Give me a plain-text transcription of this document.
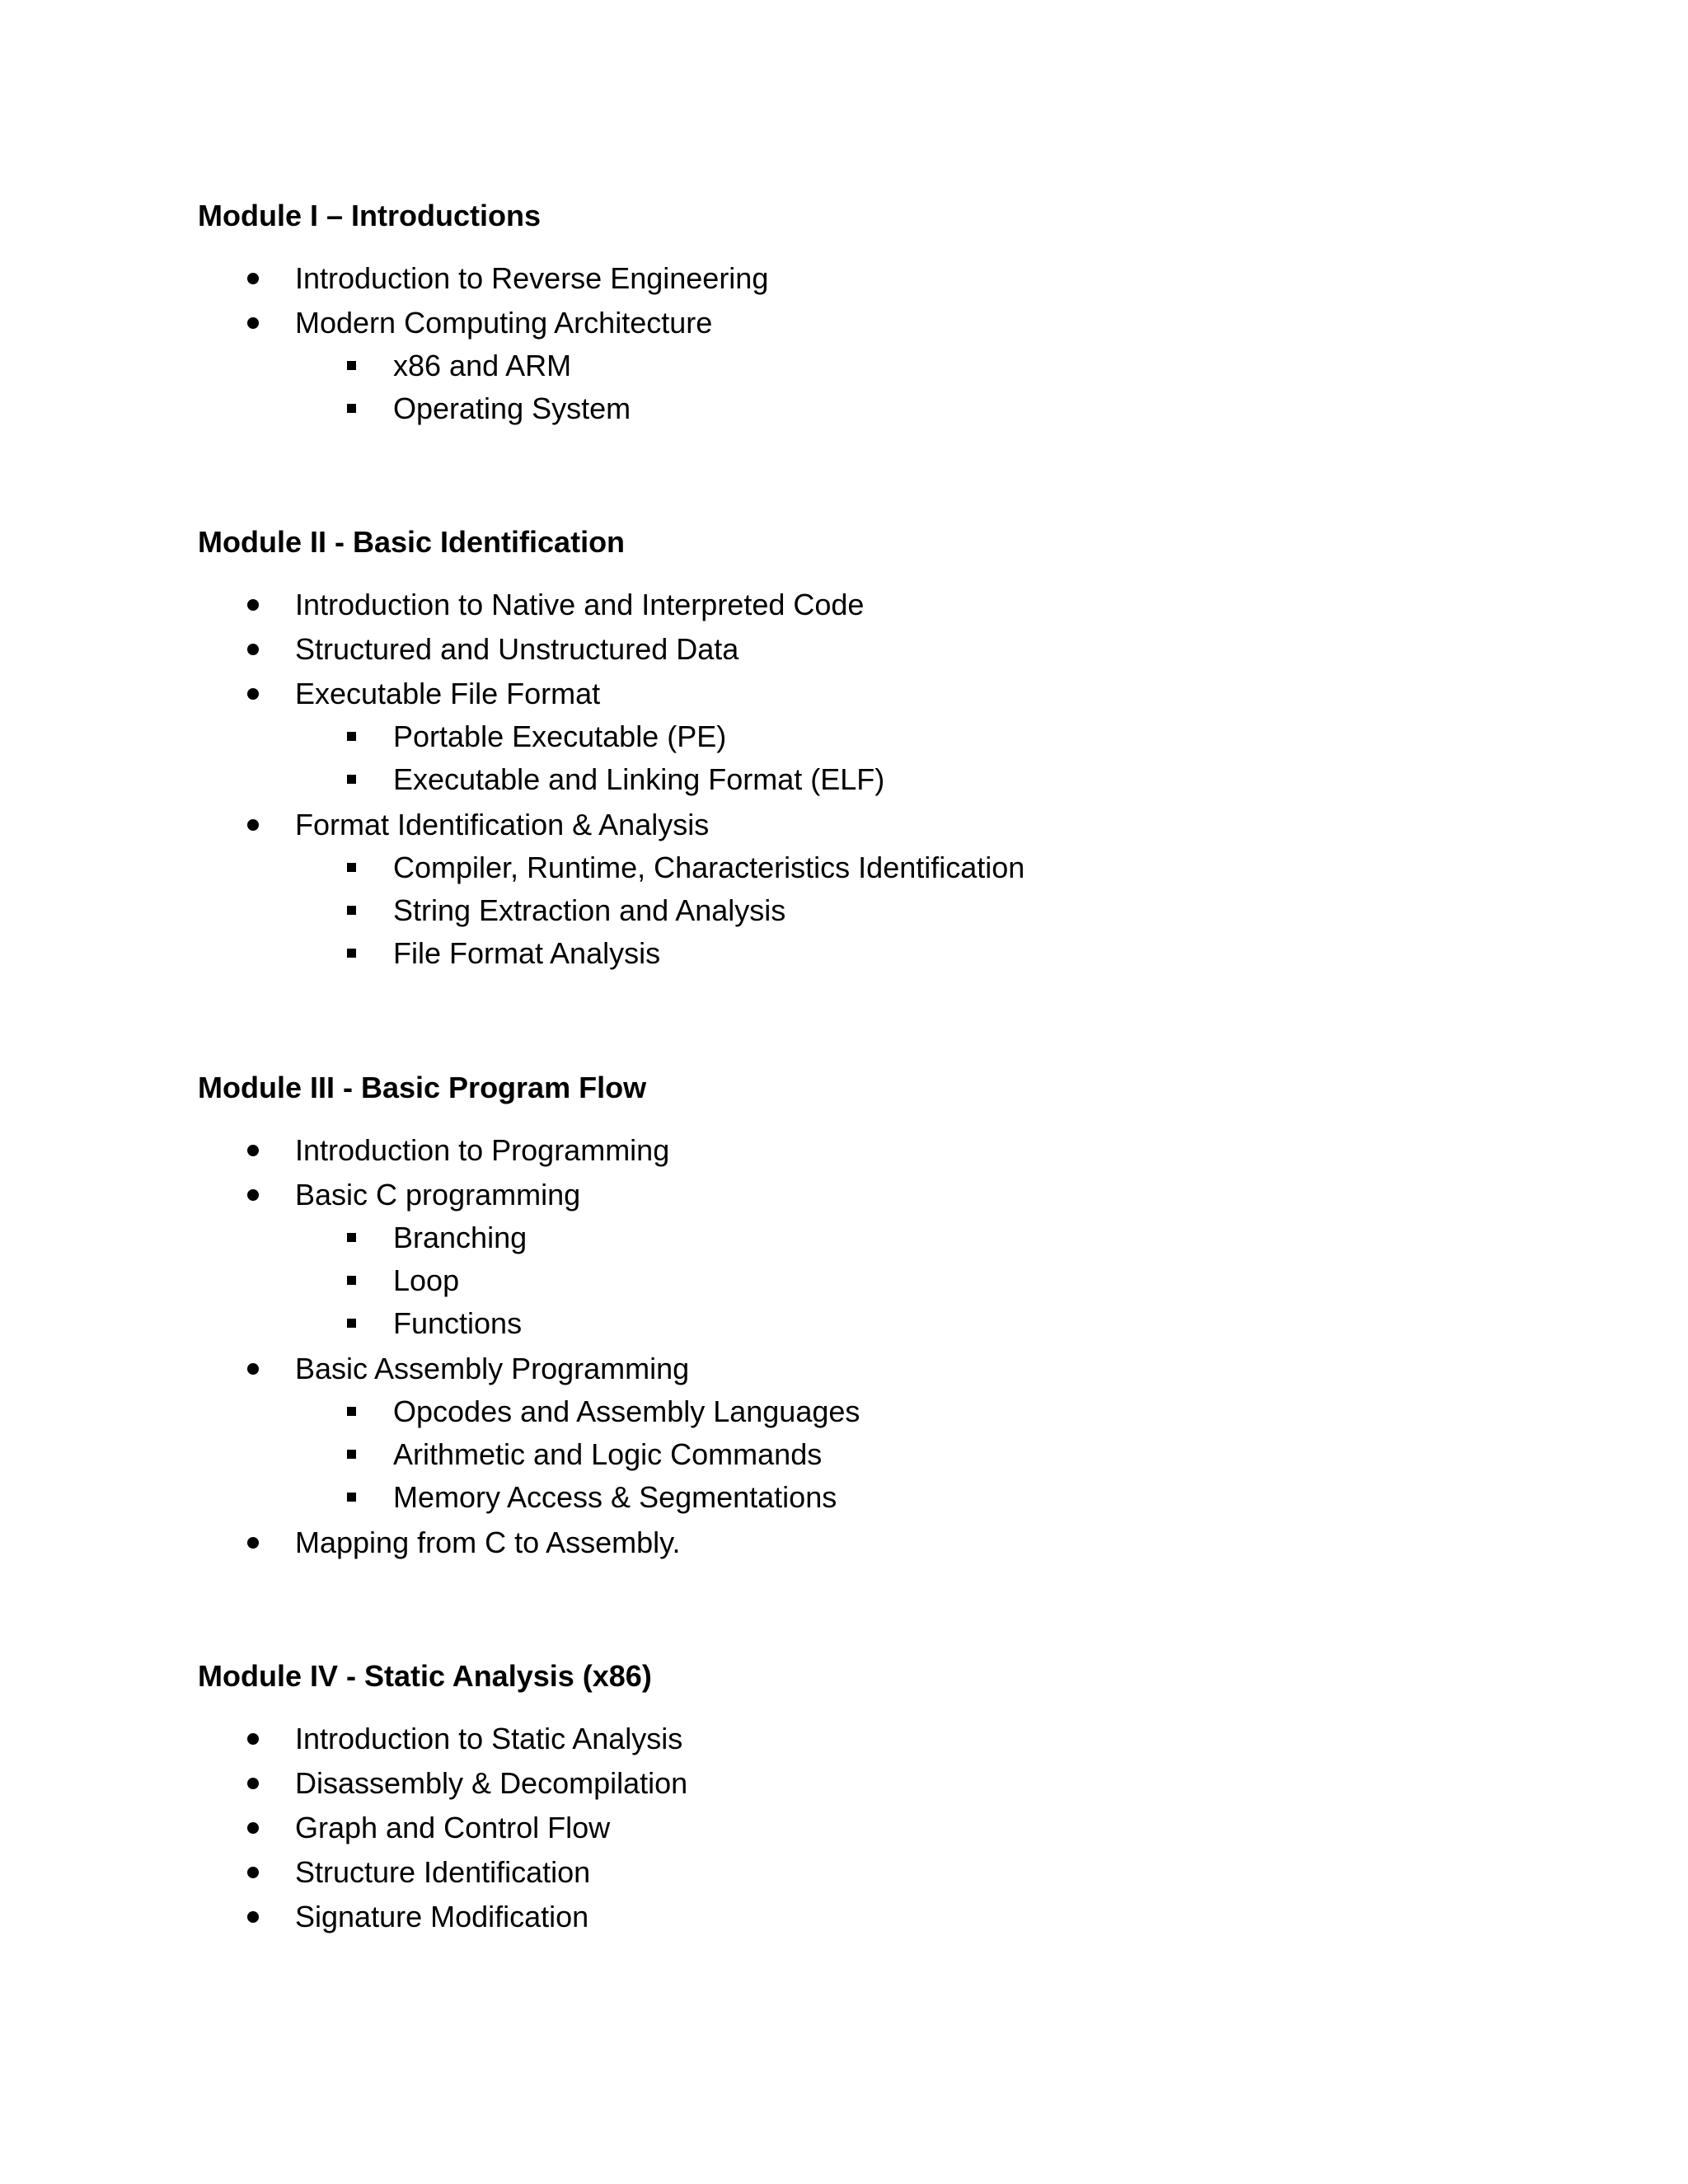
Module I – Introductions
Introduction to Reverse Engineering
Modern Computing Architecture
x86 and ARM
Operating System
Module II - Basic Identification
Introduction to Native and Interpreted Code
Structured and Unstructured Data
Executable File Format
Portable Executable (PE)
Executable and Linking Format (ELF)
Format Identification & Analysis
Compiler, Runtime, Characteristics Identification
String Extraction and Analysis
File Format Analysis
Module III - Basic Program Flow
Introduction to Programming
Basic C programming
Branching
Loop
Functions
Basic Assembly Programming
Opcodes and Assembly Languages
Arithmetic and Logic Commands
Memory Access & Segmentations
Mapping from C to Assembly.
Module IV - Static Analysis (x86)
Introduction to Static Analysis
Disassembly & Decompilation
Graph and Control Flow
Structure Identification
Signature Modification
